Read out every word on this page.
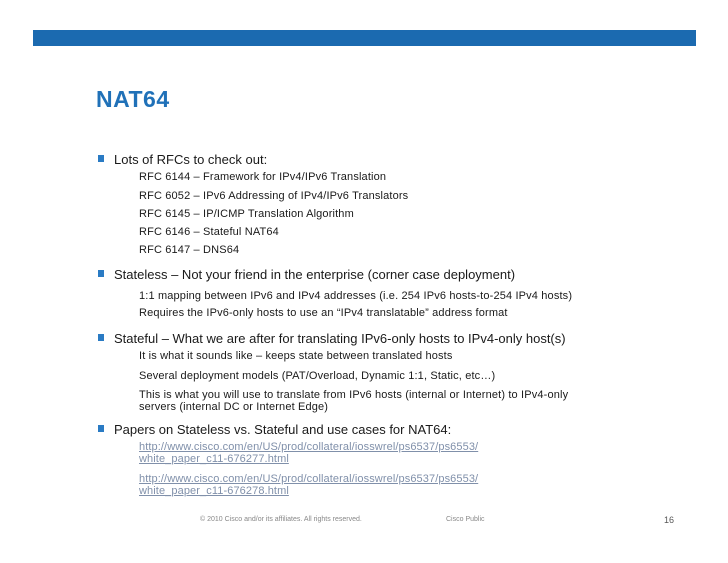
NAT64
Lots of RFCs to check out:
RFC 6144 – Framework for IPv4/IPv6 Translation
RFC 6052 – IPv6 Addressing of IPv4/IPv6 Translators
RFC 6145 – IP/ICMP Translation Algorithm
RFC 6146 – Stateful NAT64
RFC 6147 – DNS64
Stateless – Not your friend in the enterprise (corner case deployment)
1:1 mapping between IPv6 and IPv4 addresses (i.e. 254 IPv6 hosts-to-254 IPv4 hosts)
Requires the IPv6-only hosts to use an “IPv4 translatable” address format
Stateful – What we are after for translating IPv6-only hosts to IPv4-only host(s)
It is what it sounds like – keeps state between translated hosts
Several deployment models (PAT/Overload, Dynamic 1:1, Static, etc…)
This is what you will use to translate from IPv6 hosts (internal or Internet) to IPv4-only
servers (internal DC or Internet Edge)
Papers on Stateless vs. Stateful and use cases for NAT64:
http://www.cisco.com/en/US/prod/collateral/iosswrel/ps6537/ps6553/
white_paper_c11-676277.html
http://www.cisco.com/en/US/prod/collateral/iosswrel/ps6537/ps6553/
white_paper_c11-676278.html
© 2010 Cisco and/or its affiliates. All rights reserved.	Cisco Public	16
